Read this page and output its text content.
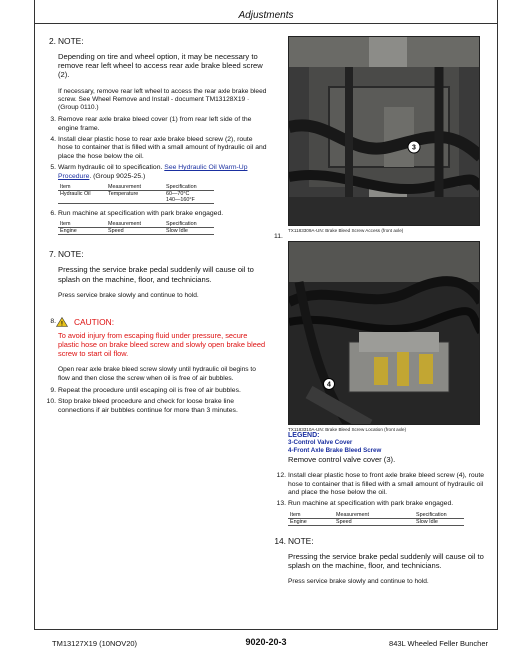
Adjustments
2. NOTE:
Depending on tire and wheel option, it may be necessary to remove rear left wheel to access rear axle brake bleed screw (2).
If necessary, remove rear left wheel to access the rear axle brake bleed screw. See Wheel Remove and Install - document TM13128X19 · (Group 0110.)
3. Remove rear axle brake bleed cover (1) from rear left side of the engine frame.
4. Install clear plastic hose to rear axle brake bleed screw (2), route hose to container that is filled with a small amount of hydraulic oil and place the hose below the oil.
5. Warm hydraulic oil to specification. See Hydraulic Oil Warm-Up Procedure. (Group 9025-25.)
Item	Measurement	Specification
Hydraulic Oil	Temperature	60—70°C
140—160°F
6. Run machine at specification with park brake engaged.
Item	Measurement	Specification
Engine	Speed	Slow Idle
7. NOTE:
Pressing the service brake pedal suddenly will cause oil to splash on the machine, floor, and technicians.
Press service brake slowly and continue to hold.
8. ! CAUTION:
To avoid injury from escaping fluid under pressure, secure plastic hose on brake bleed screw and slowly open brake bleed screw to start oil flow.
Open rear axle brake bleed screw slowly until hydraulic oil begins to flow and then close the screw when oil is free of air bubbles.
9. Repeat the procedure until escaping oil is free of air bubbles.
10. Stop brake bleed procedure and check for loose brake line connections if air bubbles continue for more than 3 minutes.
3
11.
TX1183309A-UN: Brake Bleed Screw Access (front axle)
4
TX1183310A-UN: Brake Bleed Screw Location (front axle)
LEGEND:
3-Control Valve Cover
4-Front Axle Brake Bleed Screw
Remove control valve cover (3).
12. Install clear plastic hose to front axle brake bleed screw (4), route hose to container that is filled with a small amount of hydraulic oil and place the hose below the oil.
13. Run machine at specification with park brake engaged.
Item	Measurement	Specification
Engine	Speed	Slow Idle
14. NOTE:
Pressing the service brake pedal suddenly will cause oil to splash on the machine, floor, and technicians.
Press service brake slowly and continue to hold.
TM13127X19 (10NOV20)	9020-20-3	843L Wheeled Feller Buncher
